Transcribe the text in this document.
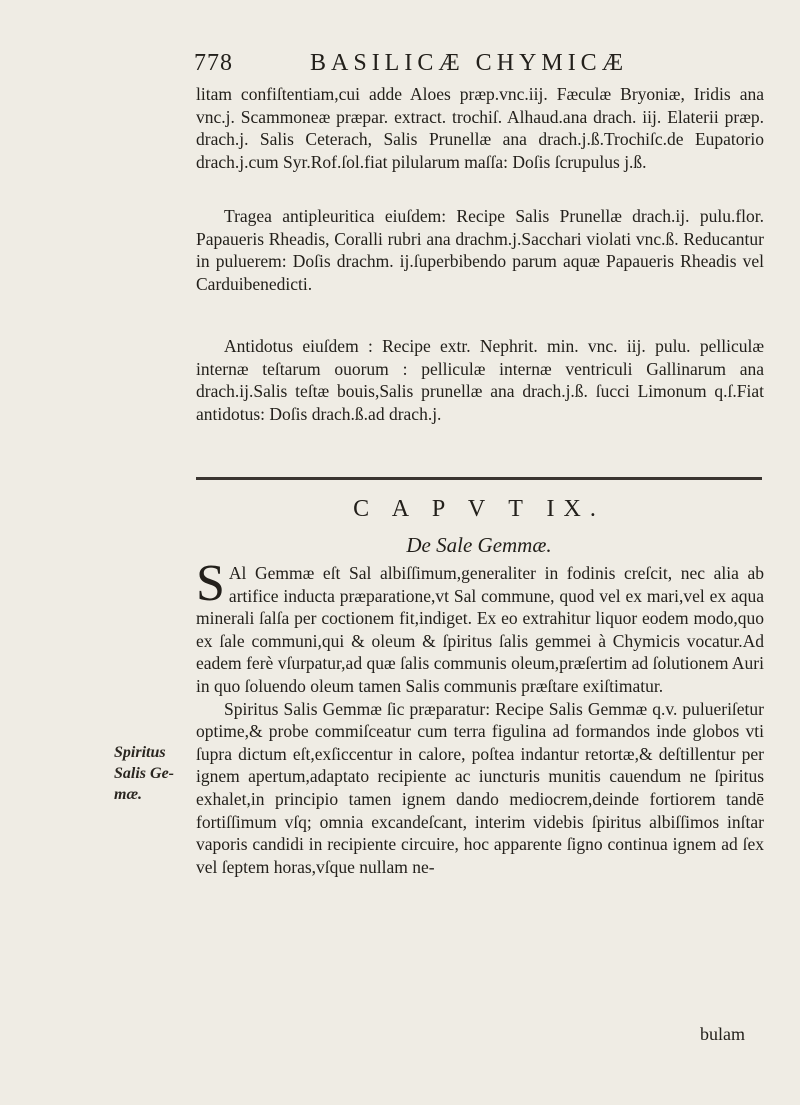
778	BASILICÆ CHYMICÆ

litam confiſtentiam,cui adde Aloes præp.vnc.iij. Fæculæ Bryoniæ, Iridis ana vnc.j. Scammoneæ præpar. extract. trochiſ. Alhaud.ana drach. iij. Elaterii præp. drach.j. Salis Ceterach, Salis Prunellæ ana drach.j.ß.Trochiſc.de Eupatorio drach.j.cum Syr.Rof.ſol.fiat pilularum maſſa: Doſis ſcrupulus j.ß.

Tragea antipleuritica eiuſdem: Recipe Salis Prunellæ drach.ij. pulu.flor. Papaueris Rheadis, Coralli rubri ana drachm.j.Sacchari violati vnc.ß. Reducantur in puluerem: Doſis drachm. ij.ſuperbibendo parum aquæ Papaueris Rheadis vel Carduibenedicti.

Antidotus eiuſdem : Recipe extr. Nephrit. min. vnc. iij. pulu. pelliculæ internæ teſtarum ouorum : pelliculæ internæ ventriculi Gallinarum ana drach.ij.Salis teſtæ bouis,Salis prunellæ ana drach.j.ß. ſucci Limonum q.ſ.Fiat antidotus: Doſis drach.ß.ad drach.j.

C A P V T IX.
De Sale Gemmæ.

S Al Gemmæ eſt Sal albiſſimum,generaliter in fodinis creſcit, nec alia ab artifice inducta præparatione,vt Sal commune, quod vel ex mari,vel ex aqua minerali ſalſa per coctionem fit,indiget. Ex eo extrahitur liquor eodem modo,quo ex ſale communi,qui & oleum & ſpiritus ſalis gemmei à Chymicis vocatur.Ad eadem ferè vſurpatur,ad quæ ſalis communis oleum,præſertim ad ſolutionem Auri in quo ſoluendo oleum tamen Salis communis præſtare exiſtimatur.

Spiritus Salis Gemmæ ſic præparatur: Recipe Salis Gemmæ q.v. pulueriſetur optime,& probe commiſceatur cum terra figulina ad formandos inde globos vti ſupra dictum eſt,exſiccentur in calore, poſtea indantur retortæ,& deſtillentur per ignem apertum,adaptato recipiente ac iuncturis munitis cauendum ne ſpiritus exhalet,in principio tamen ignem dando mediocrem,deinde fortiorem tandē fortiſſimum vſq; omnia excandeſcant, interim videbis ſpiritus albiſſimos inſtar vaporis candidi in recipiente circuire, hoc apparente ſigno continua ignem ad ſex vel ſeptem horas,vſque nullam ne-

Spiritus
Salis Ge-
mæ.
bulam
